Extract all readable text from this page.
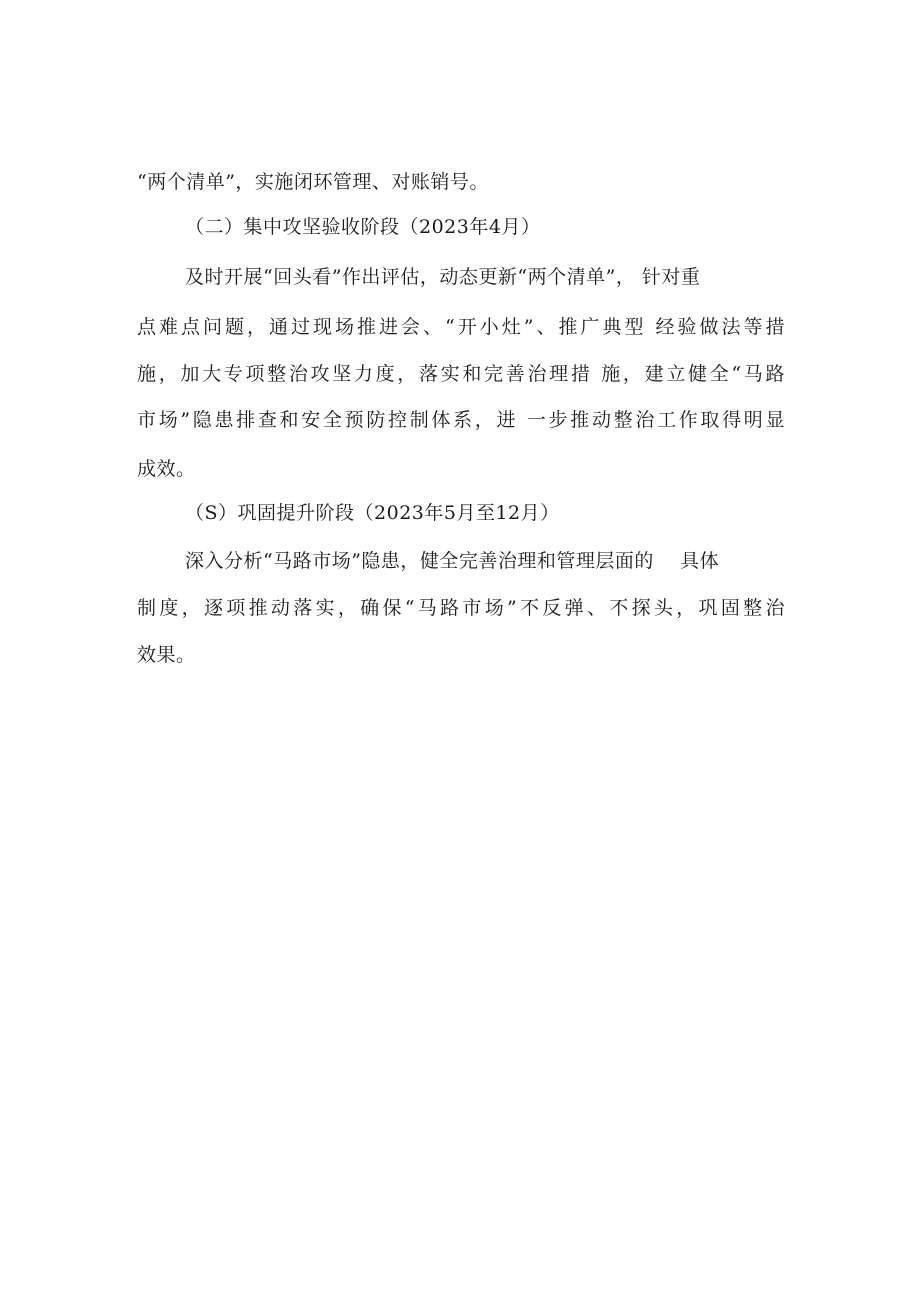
“两个清单”，实施闭环管理、对账销号。
（二）集中攻坚验收阶段（2023年4月）
及时开展“回头看”作出评估，动态更新“两个清单”， 针对重
点难点问题，通过现场推进会、“开小灶”、推广典型 经验做法等措
施，加大专项整治攻坚力度，落实和完善治理措 施，建立健全“马路
市场”隐患排查和安全预防控制体系，进 一步推动整治工作取得明显
成效。
（S）巩固提升阶段（2023年5月至12月）
深入分析“马路市场”隐患，健全完善治理和管理层面的    具体
制度，逐项推动落实，确保“马路市场”不反弹、不探头，巩固整治
效果。
